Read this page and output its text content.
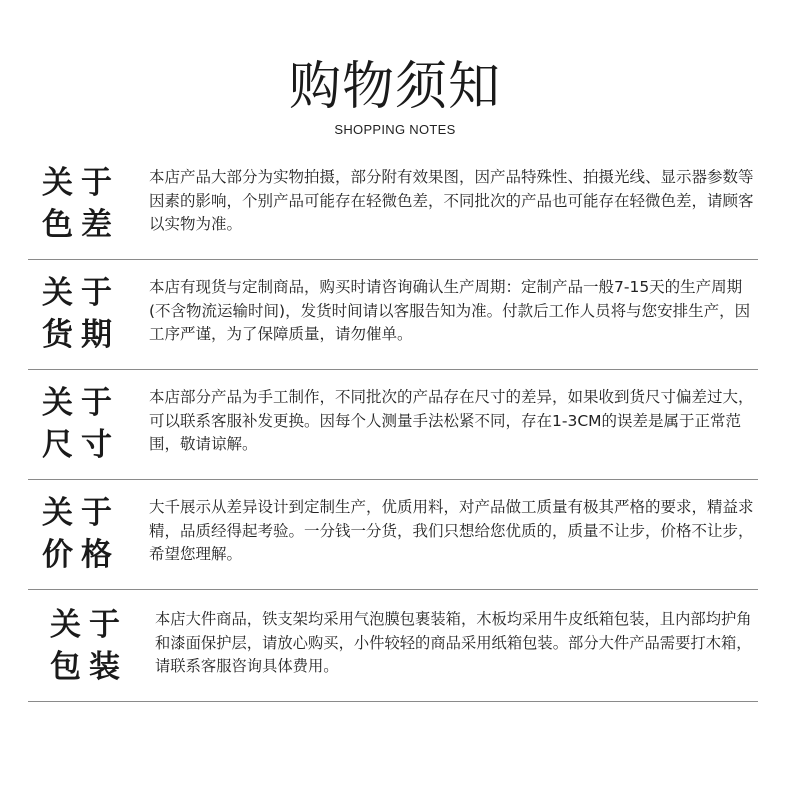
购物须知
SHOPPING NOTES
关于
色差
本店产品大部分为实物拍摄，部分附有效果图，因产品特殊性、拍摄光线、显示器参数等因素的影响，个别产品可能存在轻微色差，不同批次的产品也可能存在轻微色差，请顾客以实物为准。
关于
货期
本店有现货与定制商品，购买时请咨询确认生产周期：定制产品一般7-15天的生产周期(不含物流运输时间)，发货时间请以客服告知为准。付款后工作人员将与您安排生产，因工序严谨，为了保障质量，请勿催单。
关于
尺寸
本店部分产品为手工制作，不同批次的产品存在尺寸的差异，如果收到货尺寸偏差过大，可以联系客服补发更换。因每个人测量手法松紧不同，存在1-3CM的误差是属于正常范围，敬请谅解。
关于
价格
大千展示从差异设计到定制生产，优质用料，对产品做工质量有极其严格的要求，精益求精，品质经得起考验。一分钱一分货，我们只想给您优质的，质量不让步，价格不让步，希望您理解。
关于
包装
本店大件商品，铁支架均采用气泡膜包裹装箱，木板均采用牛皮纸箱包装，且内部均护角和漆面保护层，请放心购买，小件较轻的商品采用纸箱包装。部分大件产品需要打木箱，请联系客服咨询具体费用。
